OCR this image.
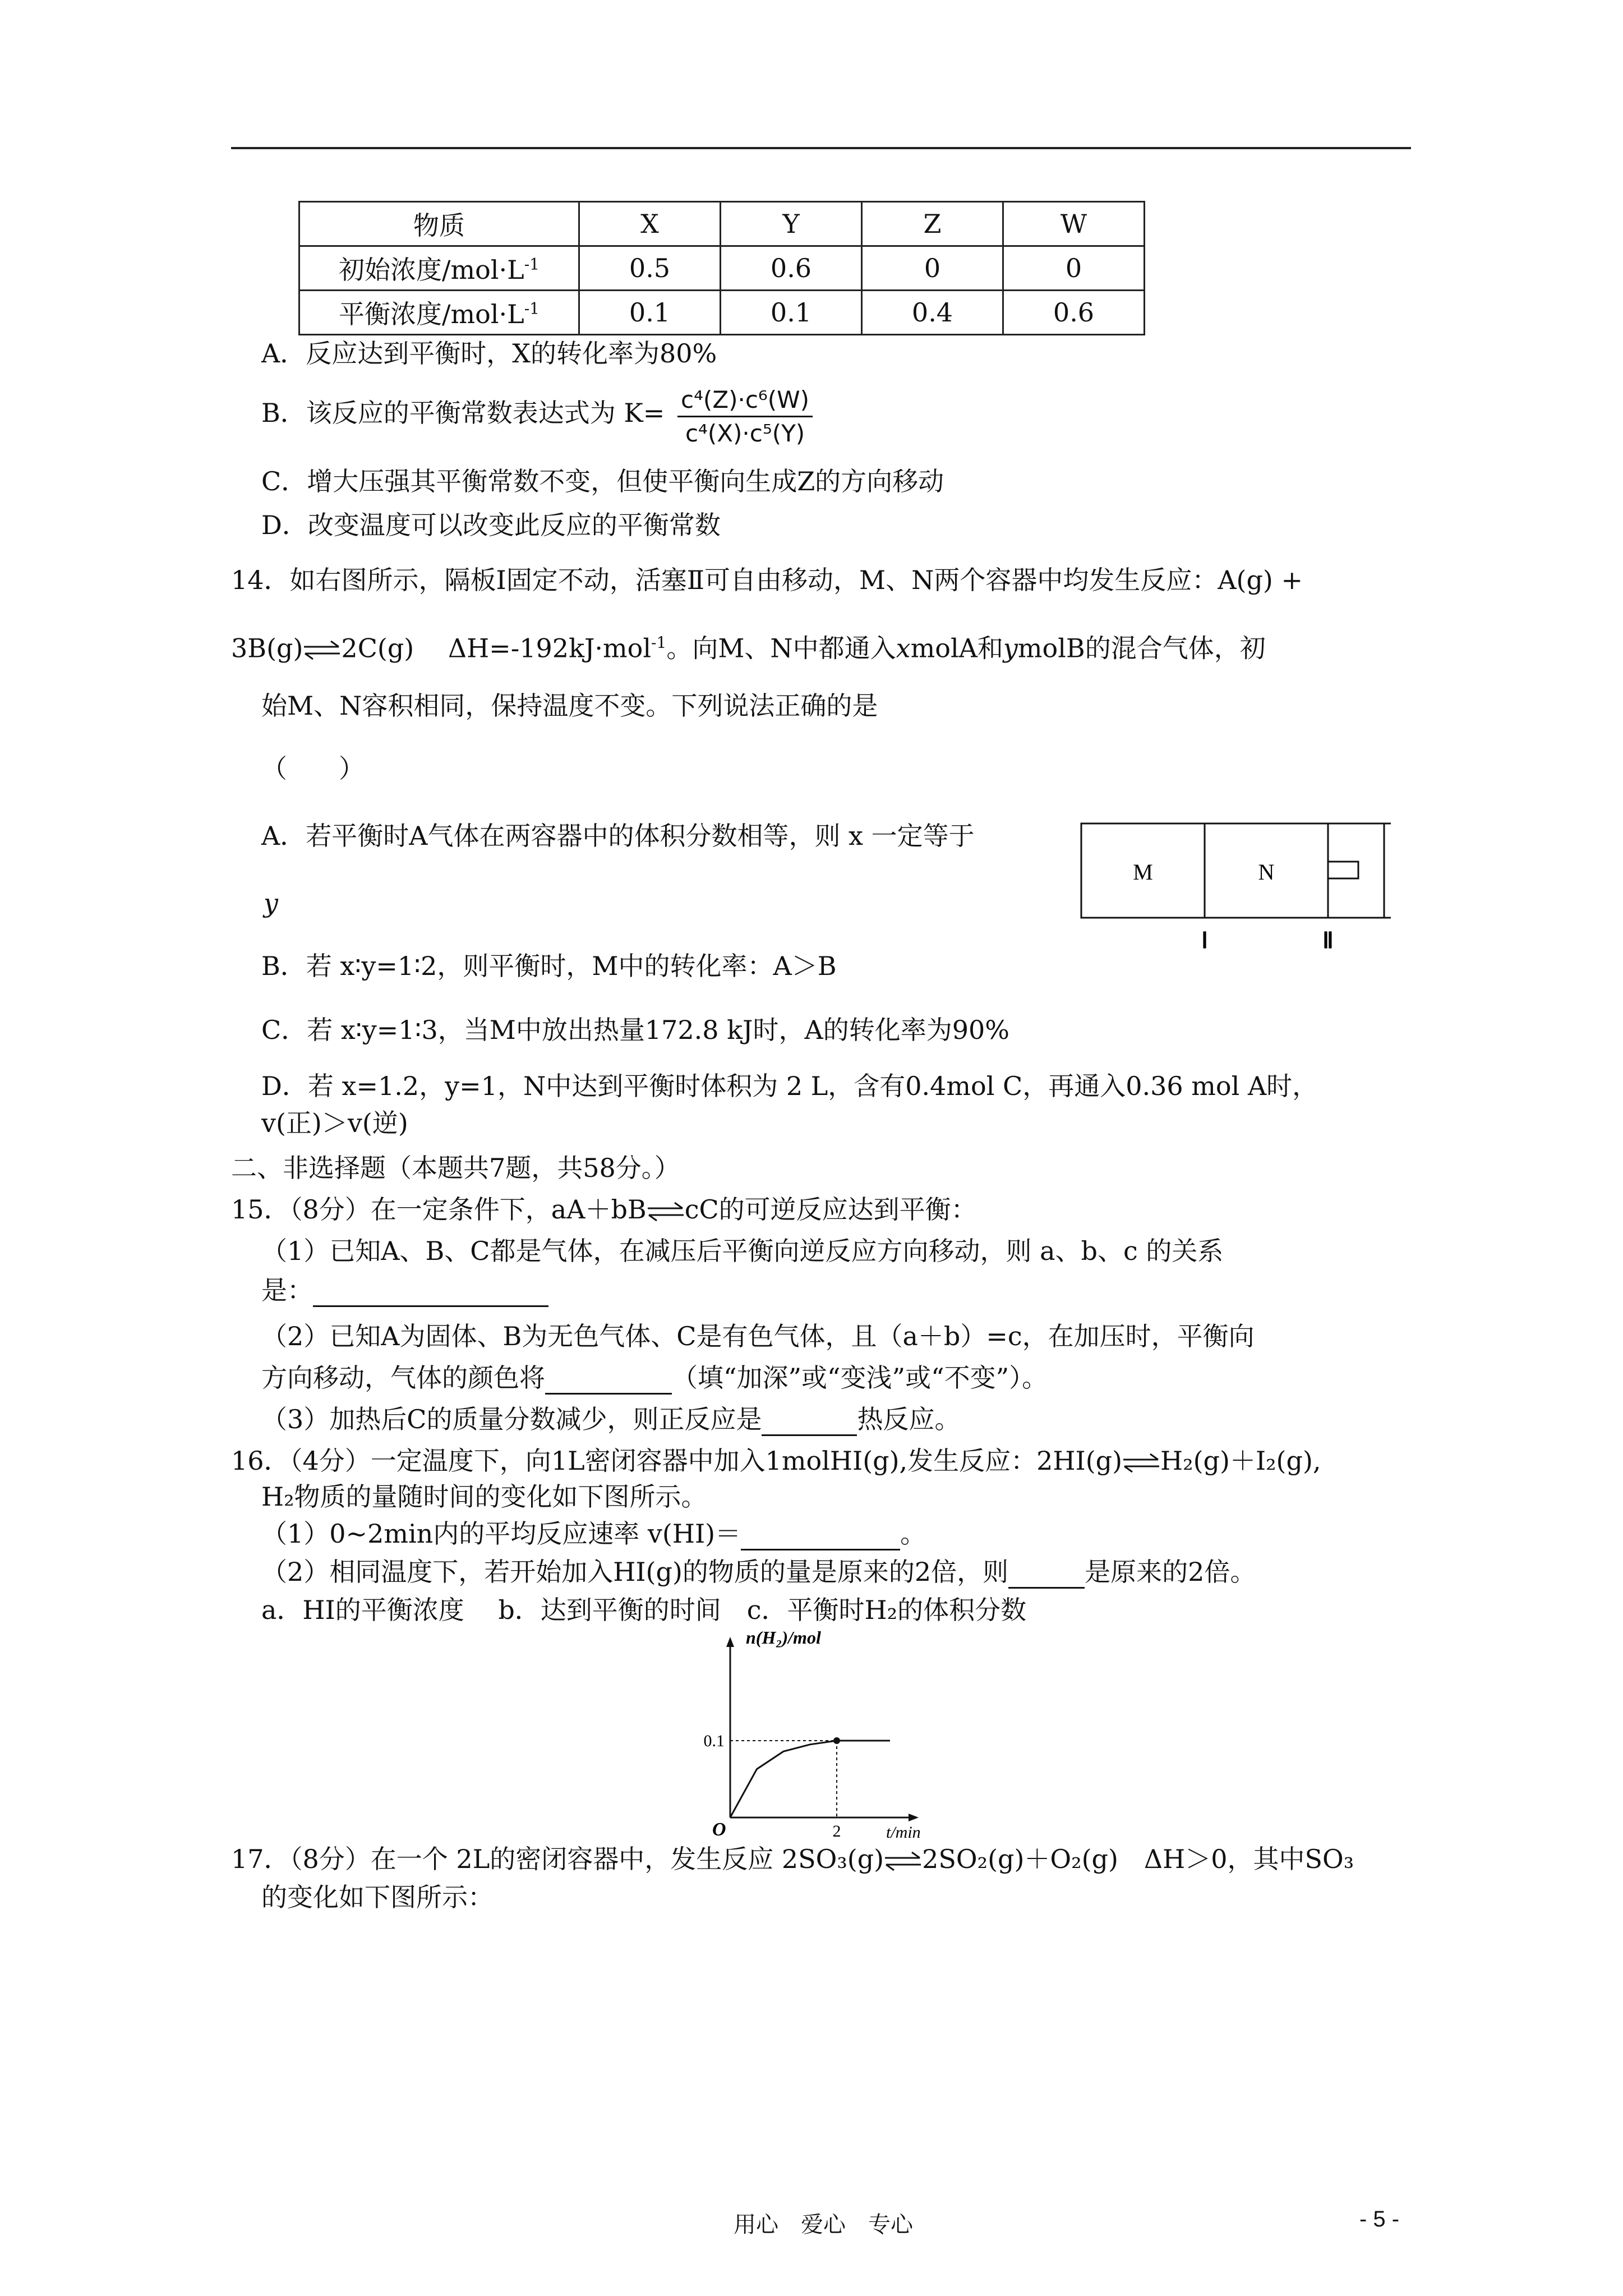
物质	X	Y	Z	W
初始浓度$/mol\cdot L^{-1}$	0.5	0.6	0	0
平衡浓度$/mol\cdot L^{-1}$	0.1	0.1	0.4	0.6
A．反应达到平衡时，X的转化率为80%
B．该反应的平衡常数表达式为 $K= \frac{\text{c⁴(Z)·c⁶(W)}}{\text{c⁴(X)·c⁵(Y)}}$
C．增大压强其平衡常数不变，但使平衡向生成Z的方向移动
D．改变温度可以改变此反应的平衡常数
14．如右图所示，隔板Ⅰ固定不动，活塞Ⅱ可自由移动，M、N两个容器中均发生反应：A(g) +
3B(g) 2C(g)　 ΔH=-192kJ·mol$^{-1}$。向M、N中都通入xmolA和ymolB的混合气体，初
始M、N容积相同，保持温度不变。下列说法正确的是
（　　）
A．若平衡时A气体在两容器中的体积分数相等，则 x 一定等于
y
B．若 x∶y=1∶2，则平衡时，M中的转化率：A＞B
C．若 x∶y=1∶3，当M中放出热量172.8 kJ时，A的转化率为90%
D．若 x=1.2，y=1，N中达到平衡时体积为 2 L，含有0.4mol C，再通入0.36 mol A时，
v(正)＞v(逆)
M	N
Ⅰ	Ⅱ
二、非选择题（本题共7题，共58分。）
15．（8分）在一定条件下，aA＋bB cC的可逆反应达到平衡：
（1）已知A、B、C都是气体，在减压后平衡向逆反应方向移动，则 a、b、c 的关系
是：
（2）已知A为固体、B为无色气体、C是有色气体，且（a＋b）=c，在加压时，平衡向
方向移动，气体的颜色将	（填“加深”或“变浅”或“不变”）。
（3）加热后C的质量分数减少，则正反应是	热反应。
16．（4分）一定温度下，向1L密闭容器中加入1molHI(g),发生反应：2HI(g) H₂(g)＋I₂(g),
H₂物质的量随时间的变化如下图所示。
（1）0~2min内的平均反应速率 v(HI)＝	。
（2）相同温度下，若开始加入HI(g)的物质的量是原来的2倍，则	是原来的2倍。
a．HI的平衡浓度　 b．达到平衡的时间　c．平衡时H₂的体积分数
n(H₂)/mol
t/min
O
0.1
2
17．（8分）在一个 2L的密闭容器中，发生反应 2SO₃(g) 2SO₂(g)＋O₂(g)　ΔH＞0，其中SO₃
的变化如下图所示：
用心　爱心　专心	- 5 -
